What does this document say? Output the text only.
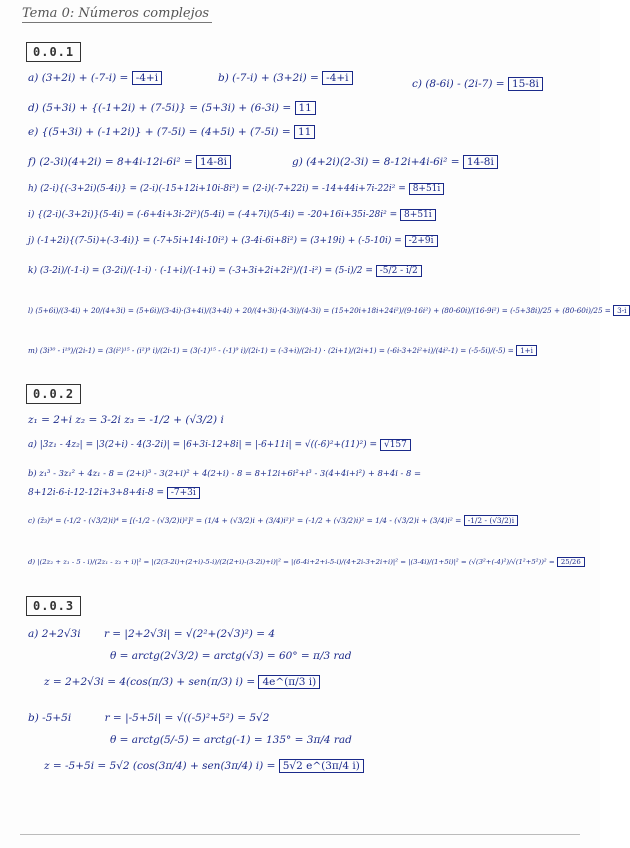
Tema 0: Números complejos
0.0.1
a) (3+2i) + (-7-i) = -4+i	b) (-7-i) + (3+2i) = -4+i	c) (8-6i) - (2i-7) = 15-8i
d) (5+3i) + {(-1+2i) + (7-5i)} = (5+3i) + (6-3i) = 11
e) {(5+3i) + (-1+2i)} + (7-5i) = (4+5i) + (7-5i) = 11
f) (2-3i)(4+2i) = 8+4i-12i-6i² = 14-8i	g) (4+2i)(2-3i) = 8-12i+4i-6i² = 14-8i
h) (2-i){(-3+2i)(5-4i)} = (2-i)(-15+12i+10i-8i²) = (2-i)(-7+22i) = -14+44i+7i-22i² = 8+51i
i) {(2-i)(-3+2i)}(5-4i) = (-6+4i+3i-2i²)(5-4i) = (-4+7i)(5-4i) = -20+16i+35i-28i² = 8+51i
j) (-1+2i){(7-5i)+(-3-4i)} = (-7+5i+14i-10i²) + (3-4i-6i+8i²) = (3+19i) + (-5-10i) = -2+9i
k) (3-2i)/(-1-i) = (3-2i)/(-1-i) · (-1+i)/(-1+i) = (-3+3i+2i+2i²)/(1-i²) = (5-i)/2 = -5/2 - i/2
l) (5+6i)/(3-4i) + 20/(4+3i) = (5+6i)/(3-4i)·(3+4i)/(3+4i) + 20/(4+3i)·(4-3i)/(4-3i) = (15+20i+18i+24i²)/(9-16i²) + (80-60i)/(16-9i²) = (-5+38i)/25 + (80-60i)/25 = 3-i
m) (3i³⁰ - i¹⁹)/(2i-1) = (3(i²)¹⁵ - (i²)⁹ i)/(2i-1) = (3(-1)¹⁵ - (-1)⁹ i)/(2i-1) = (-3+i)/(2i-1) · (2i+1)/(2i+1) = (-6i-3+2i²+i)/(4i²-1) = (-5-5i)/(-5) = 1+i
0.0.2
z₁ = 2+i z₂ = 3-2i z₃ = -1/2 + (√3/2) i
a) |3z₁ - 4z₂| = |3(2+i) - 4(3-2i)| = |6+3i-12+8i| = |-6+11i| = √((-6)²+(11)²) = √157
b) z₁³ - 3z₁² + 4z₁ - 8 = (2+i)³ - 3(2+i)² + 4(2+i) - 8 = 8+12i+6i²+i³ - 3(4+4i+i²) + 8+4i - 8 =
8+12i-6-i-12-12i+3+8+4i-8 = -7+3i
c) (z̄₃)⁴ = (-1/2 - (√3/2)i)⁴ = [(-1/2 - (√3/2)i)²]² = (1/4 + (√3/2)i + (3/4)i²)² = (-1/2 + (√3/2)i)² = 1/4 - (√3/2)i + (3/4)i² = -1/2 - (√3/2)i
d) |(2z₂ + z₁ - 5 - i)/(2z₁ - z₂ + i)|² = |(2(3-2i)+(2+i)-5-i)/(2(2+i)-(3-2i)+i)|² = |(6-4i+2+i-5-i)/(4+2i-3+2i+i)|² = |(3-4i)/(1+5i)|² = (√(3²+(-4)²)/√(1²+5²))² = 25/26
0.0.3
a) 2+2√3i r = |2+2√3i| = √(2²+(2√3)²) = 4
θ = arctg(2√3/2) = arctg(√3) = 60° = π/3 rad
z = 2+2√3i = 4(cos(π/3) + sen(π/3) i) = 4e^(π/3 i)
b) -5+5i	r = |-5+5i| = √((-5)²+5²) = 5√2
θ = arctg(5/-5) = arctg(-1) = 135° = 3π/4 rad
z = -5+5i = 5√2 (cos(3π/4) + sen(3π/4) i) = 5√2 e^(3π/4 i)
